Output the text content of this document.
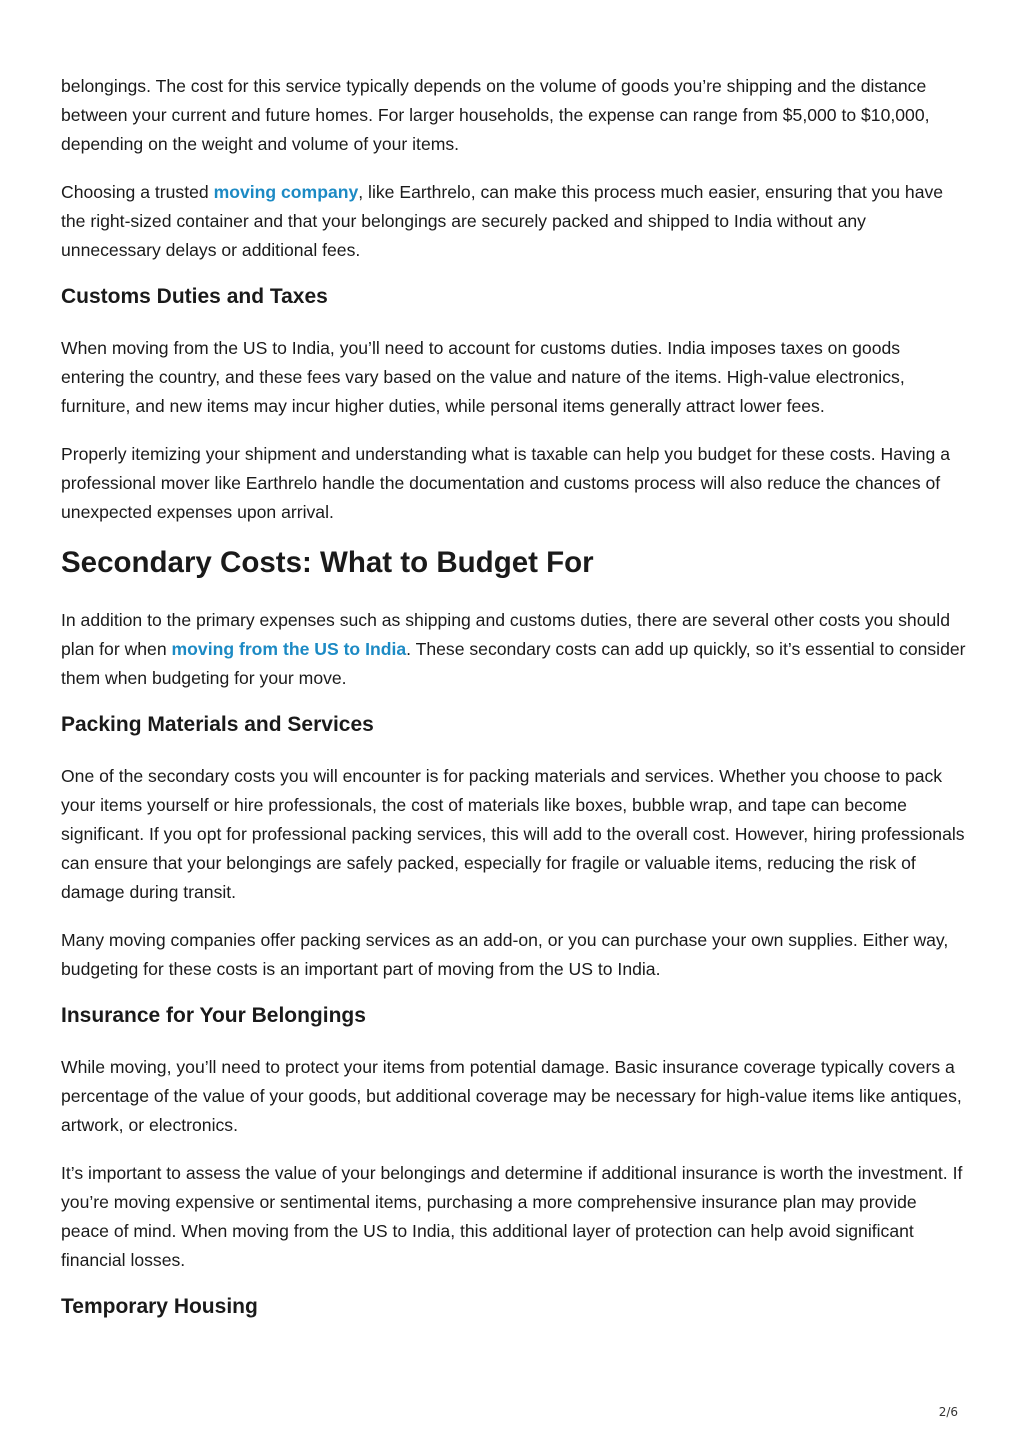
belongings. The cost for this service typically depends on the volume of goods you’re shipping and the distance between your current and future homes. For larger households, the expense can range from $5,000 to $10,000, depending on the weight and volume of your items.

Choosing a trusted moving company, like Earthrelo, can make this process much easier, ensuring that you have the right-sized container and that your belongings are securely packed and shipped to India without any unnecessary delays or additional fees.

Customs Duties and Taxes

When moving from the US to India, you’ll need to account for customs duties. India imposes taxes on goods entering the country, and these fees vary based on the value and nature of the items. High-value electronics, furniture, and new items may incur higher duties, while personal items generally attract lower fees.

Properly itemizing your shipment and understanding what is taxable can help you budget for these costs. Having a professional mover like Earthrelo handle the documentation and customs process will also reduce the chances of unexpected expenses upon arrival.

Secondary Costs: What to Budget For

In addition to the primary expenses such as shipping and customs duties, there are several other costs you should plan for when moving from the US to India. These secondary costs can add up quickly, so it’s essential to consider them when budgeting for your move.

Packing Materials and Services

One of the secondary costs you will encounter is for packing materials and services. Whether you choose to pack your items yourself or hire professionals, the cost of materials like boxes, bubble wrap, and tape can become significant. If you opt for professional packing services, this will add to the overall cost. However, hiring professionals can ensure that your belongings are safely packed, especially for fragile or valuable items, reducing the risk of damage during transit.

Many moving companies offer packing services as an add-on, or you can purchase your own supplies. Either way, budgeting for these costs is an important part of moving from the US to India.

Insurance for Your Belongings

While moving, you’ll need to protect your items from potential damage. Basic insurance coverage typically covers a percentage of the value of your goods, but additional coverage may be necessary for high-value items like antiques, artwork, or electronics.

It’s important to assess the value of your belongings and determine if additional insurance is worth the investment. If you’re moving expensive or sentimental items, purchasing a more comprehensive insurance plan may provide peace of mind. When moving from the US to India, this additional layer of protection can help avoid significant financial losses.

Temporary Housing
2/6
